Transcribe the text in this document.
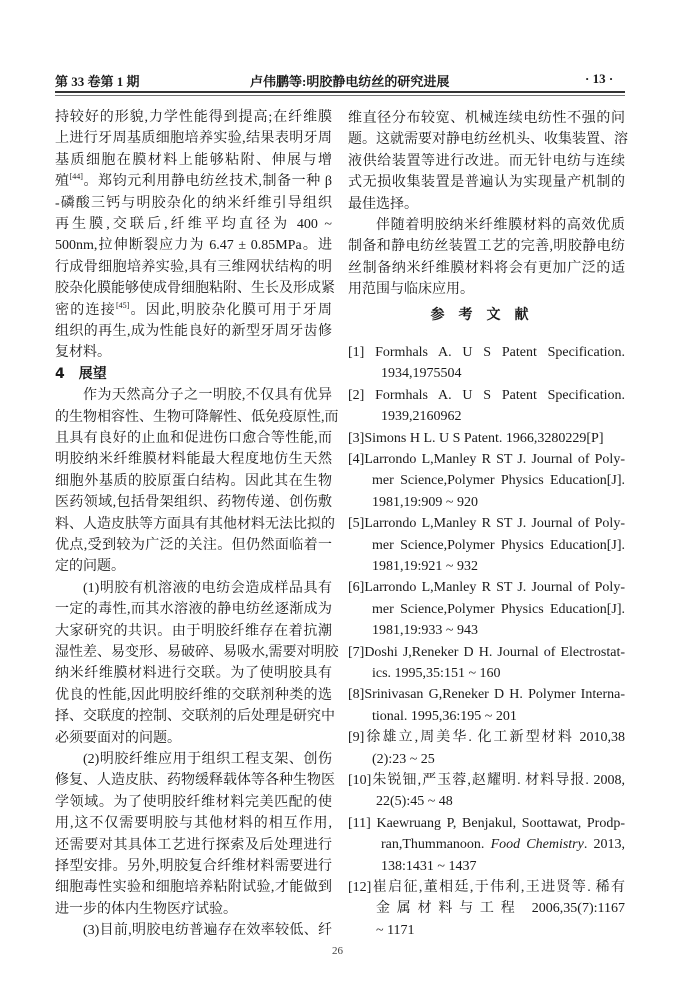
第 33 卷第 1 期	卢伟鹏等:明胶静电纺丝的研究进展	· 13 ·
持较好的形貌,力学性能得到提高;在纤维膜
上进行牙周基质细胞培养实验,结果表明牙周
基质细胞在膜材料上能够粘附、伸展与增
殖[44]。郑钧元利用静电纺丝技术,制备一种 β
-磷酸三钙与明胶杂化的纳米纤维引导组织
再生膜,交联后,纤维平均直径为 400 ~
500nm,拉伸断裂应力为 6.47 ± 0.85MPa。进
行成骨细胞培养实验,具有三维网状结构的明
胶杂化膜能够使成骨细胞粘附、生长及形成紧
密的连接[45]。因此,明胶杂化膜可用于牙周
组织的再生,成为性能良好的新型牙周牙齿修
复材料。
4　展望
作为天然高分子之一明胶,不仅具有优异
的生物相容性、生物可降解性、低免疫原性,而
且具有良好的止血和促进伤口愈合等性能,而
明胶纳米纤维膜材料能最大程度地仿生天然
细胞外基质的胶原蛋白结构。因此其在生物
医药领域,包括骨架组织、药物传递、创伤敷
料、人造皮肤等方面具有其他材料无法比拟的
优点,受到较为广泛的关注。但仍然面临着一
定的问题。
(1)明胶有机溶液的电纺会造成样品具有
一定的毒性,而其水溶液的静电纺丝逐渐成为
大家研究的共识。由于明胶纤维存在着抗潮
湿性差、易变形、易破碎、易吸水,需要对明胶
纳米纤维膜材料进行交联。为了使明胶具有
优良的性能,因此明胶纤维的交联剂种类的选
择、交联度的控制、交联剂的后处理是研究中
必须要面对的问题。
(2)明胶纤维应用于组织工程支架、创伤
修复、人造皮肤、药物缓释载体等各种生物医
学领域。为了使明胶纤维材料完美匹配的使
用,这不仅需要明胶与其他材料的相互作用,
还需要对其具体工艺进行探索及后处理进行
择型安排。另外,明胶复合纤维材料需要进行
细胞毒性实验和细胞培养粘附试验,才能做到
进一步的体内生物医疗试验。
(3)目前,明胶电纺普遍存在效率较低、纤
维直径分布较宽、机械连续电纺性不强的问
题。这就需要对静电纺丝机头、收集装置、溶
液供给装置等进行改进。而无针电纺与连续
式无损收集装置是普遍认为实现量产机制的
最佳选择。
伴随着明胶纳米纤维膜材料的高效优质
制备和静电纺丝装置工艺的完善,明胶静电纺
丝制备纳米纤维膜材料将会有更加广泛的适
用范围与临床应用。
参考文献
[1] Formhals A. U S Patent Specification.
1934,1975504
[2] Formhals A. U S Patent Specification.
1939,2160962
[3]Simons H L. U S Patent. 1966,3280229[P]
[4]Larrondo L,Manley R ST J. Journal of Poly-
mer Science,Polymer Physics Education[J].
1981,19:909 ~ 920
[5]Larrondo L,Manley R ST J. Journal of Poly-
mer Science,Polymer Physics Education[J].
1981,19:921 ~ 932
[6]Larrondo L,Manley R ST J. Journal of Poly-
mer Science,Polymer Physics Education[J].
1981,19:933 ~ 943
[7]Doshi J,Reneker D H. Journal of Electrostat-
ics. 1995,35:151 ~ 160
[8]Srinivasan G,Reneker D H. Polymer Interna-
tional. 1995,36:195 ~ 201
[9]徐雄立,周美华. 化工新型材料 2010,38
(2):23 ~ 25
[10]朱锐钿,严玉蓉,赵耀明. 材料导报. 2008,
22(5):45 ~ 48
[11] Kaewruang P, Benjakul, Soottawat, Prodp-
ran,Thummanoon. Food Chemistry. 2013,
138:1431 ~ 1437
[12]崔启征,董相廷,于伟利,王进贤等. 稀有
金属材料与工程 2006,35(7):1167
~ 1171
26
